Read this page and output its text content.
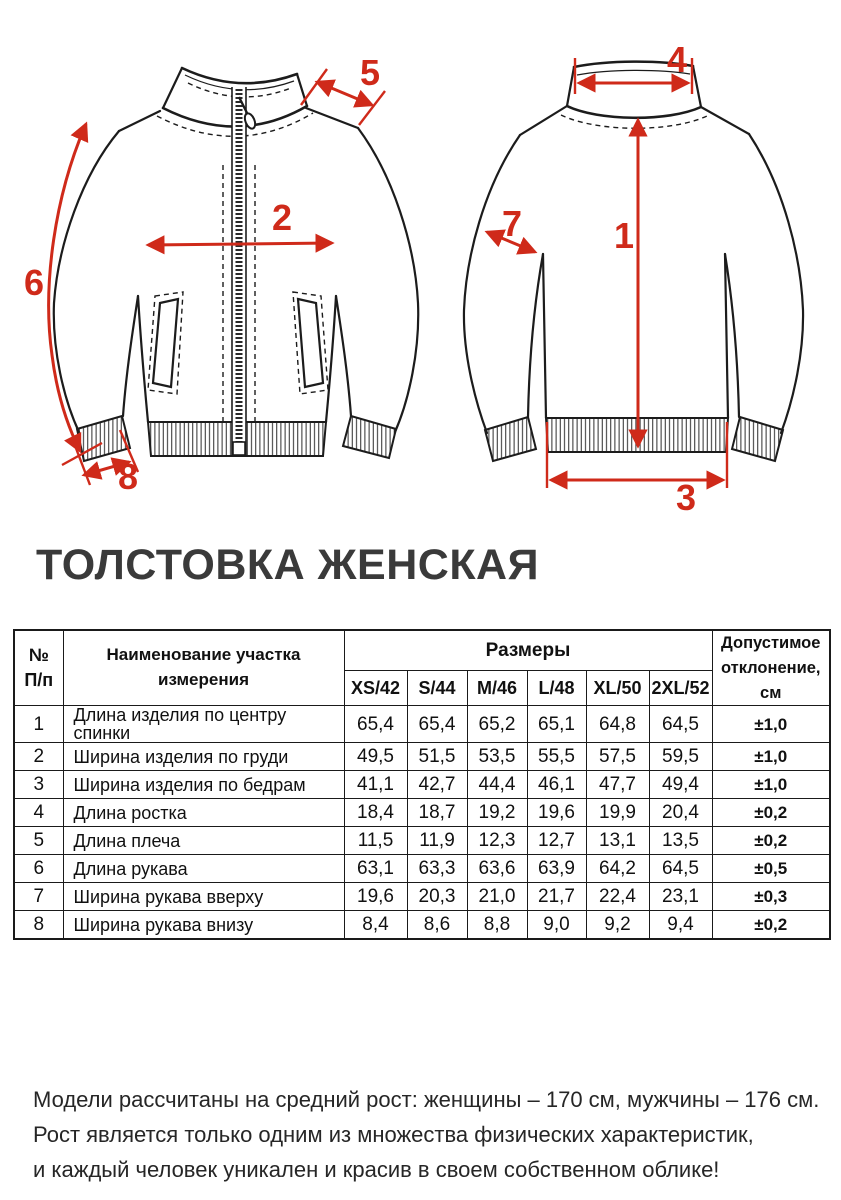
2
5
6
8
4
1
7
3
ТОЛСТОВКА ЖЕНСКАЯ
№
П/п
	Наименование участка измерения	Размеры	Допустимое
отклонение,
см

		XS/42	S/44	M/46	L/48	XL/50	2XL/52	
1	Длина изделия по центру спинки	65,4	65,4	65,2	65,1	64,8	64,5	±1,0
2	Ширина изделия по груди	49,5	51,5	53,5	55,5	57,5	59,5	±1,0
3	Ширина изделия по бедрам	41,1	42,7	44,4	46,1	47,7	49,4	±1,0
4	Длина ростка	18,4	18,7	19,2	19,6	19,9	20,4	±0,2
5	Длина плеча	11,5	11,9	12,3	12,7	13,1	13,5	±0,2
6	Длина рукава	63,1	63,3	63,6	63,9	64,2	64,5	±0,5
7	Ширина рукава вверху	19,6	20,3	21,0	21,7	22,4	23,1	±0,3
8	Ширина рукава внизу	8,4	8,6	8,8	9,0	9,2	9,4	±0,2
Модели рассчитаны на средний рост: женщины – 170 см, мужчины – 176 см.
Рост является только одним из множества физических характеристик,
и каждый человек уникален и красив в своем собственном облике!
